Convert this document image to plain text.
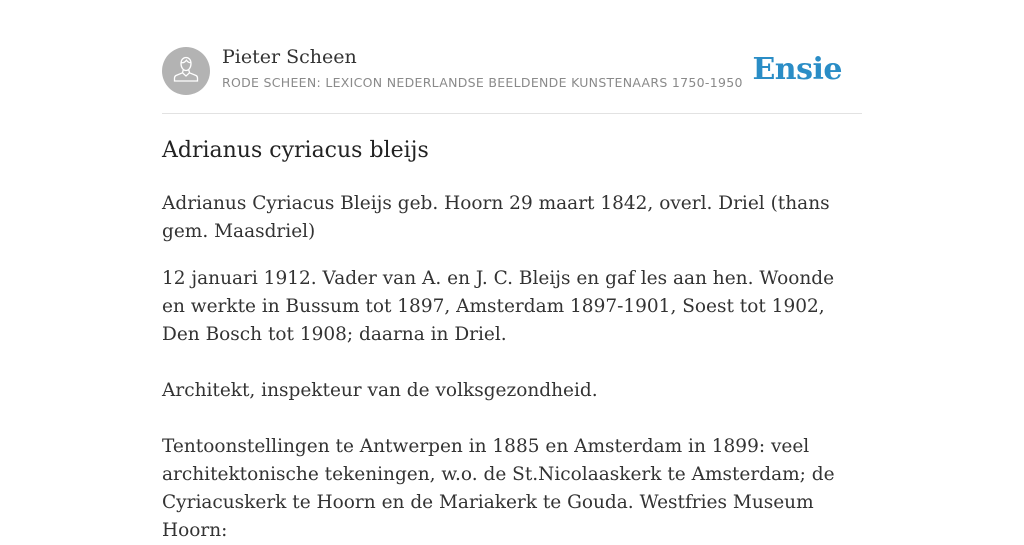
Pieter Scheen
RODE SCHEEN: LEXICON NEDERLANDSE BEELDENDE KUNSTENAARS 1750-1950 Ensie
Adrianus cyriacus bleijs

Adrianus Cyriacus Bleijs geb. Hoorn 29 maart 1842, overl. Driel (thans gem. Maasdriel)

12 januari 1912. Vader van A. en J. C. Bleijs en gaf les aan hen. Woonde en werkte in Bussum tot 1897, Amsterdam 1897-1901, Soest tot 1902, Den Bosch tot 1908; daarna in Driel.

Architekt, inspekteur van de volksgezondheid.

Tentoonstellingen te Antwerpen in 1885 en Amsterdam in 1899: veel architektonische tekeningen, w.o. de St.Nicolaaskerk te Amsterdam; de Cyriacuskerk te Hoorn en de Mariakerk te Gouda. Westfries Museum Hoorn:
